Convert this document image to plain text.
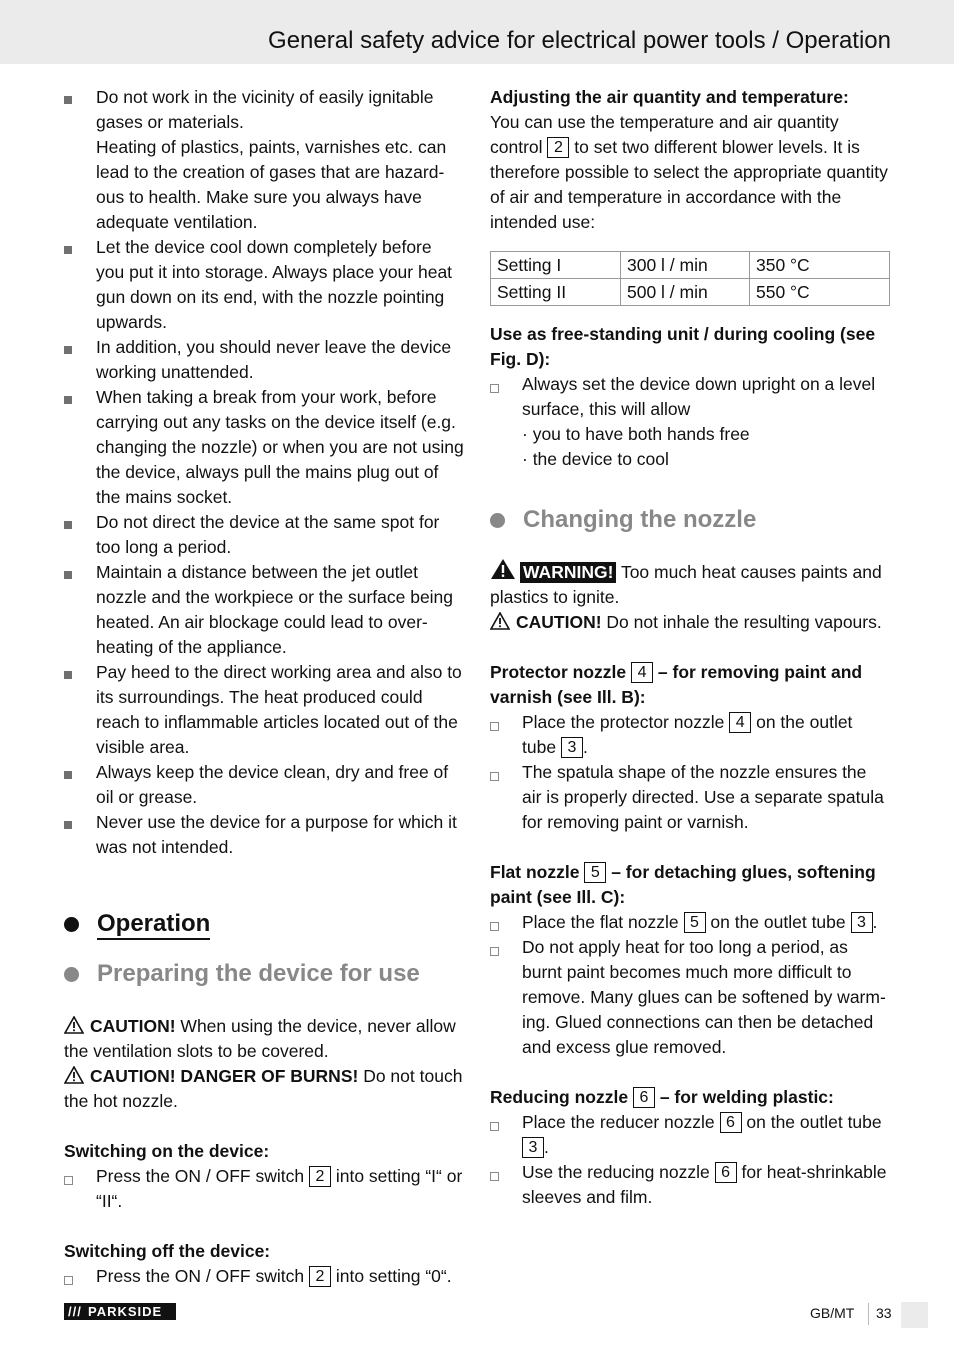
General safety advice for electrical power tools / Operation
Do not work in the vicinity of easily ignitable gases or materials.
Heating of plastics, paints, varnishes etc. can lead to the creation of gases that are hazard-ous to health. Make sure you always have adequate ventilation.
Let the device cool down completely before you put it into storage. Always place your heat gun down on its end, with the nozzle pointing upwards.
In addition, you should never leave the device working unattended.
When taking a break from your work, before carrying out any tasks on the device itself (e.g. changing the nozzle) or when you are not using the device, always pull the mains plug out of the mains socket.
Do not direct the device at the same spot for too long a period.
Maintain a distance between the jet outlet nozzle and the workpiece or the surface being heated. An air blockage could lead to over-heating of the appliance.
Pay heed to the direct working area and also to its surroundings. The heat produced could reach to inflammable articles located out of the visible area.
Always keep the device clean, dry and free of oil or grease.
Never use the device for a purpose for which it was not intended.
Operation
Preparing the device for use
CAUTION! When using the device, never allow the ventilation slots to be covered.
CAUTION! DANGER OF BURNS! Do not touch the hot nozzle.
Switching on the device:
Press the ON / OFF switch 2 into setting “I“ or “II“.
Switching off the device:
Press the ON / OFF switch 2 into setting “0“.
Adjusting the air quantity and temperature:
You can use the temperature and air quantity control 2 to set two different blower levels. It is therefore possible to select the appropriate quantity of air and temperature in accordance with the intended use:
Setting I	300 l / min	350 °C
Setting II	500 l / min	550 °C
Use as free-standing unit / during cooling (see Fig. D):
Always set the device down upright on a level surface, this will allow
· you to have both hands free
· the device to cool
Changing the nozzle
WARNING! Too much heat causes paints and plastics to ignite.
CAUTION! Do not inhale the resulting vapours.
Protector nozzle 4 – for removing paint and varnish (see Ill. B):
Place the protector nozzle 4 on the outlet tube 3 .
The spatula shape of the nozzle ensures the air is properly directed. Use a separate spatula for removing paint or varnish.
Flat nozzle 5 – for detaching glues, softening paint (see Ill. C):
Place the flat nozzle 5 on the outlet tube 3 .
Do not apply heat for too long a period, as burnt paint becomes much more difficult to remove. Many glues can be softened by warm-ing. Glued connections can then be detached and excess glue removed.
Reducing nozzle 6 – for welding plastic:
Place the reducer nozzle 6 on the outlet tube 3 .
Use the reducing nozzle 6 for heat-shrinkable sleeves and film.
/// PARKSIDE	GB/MT 33
